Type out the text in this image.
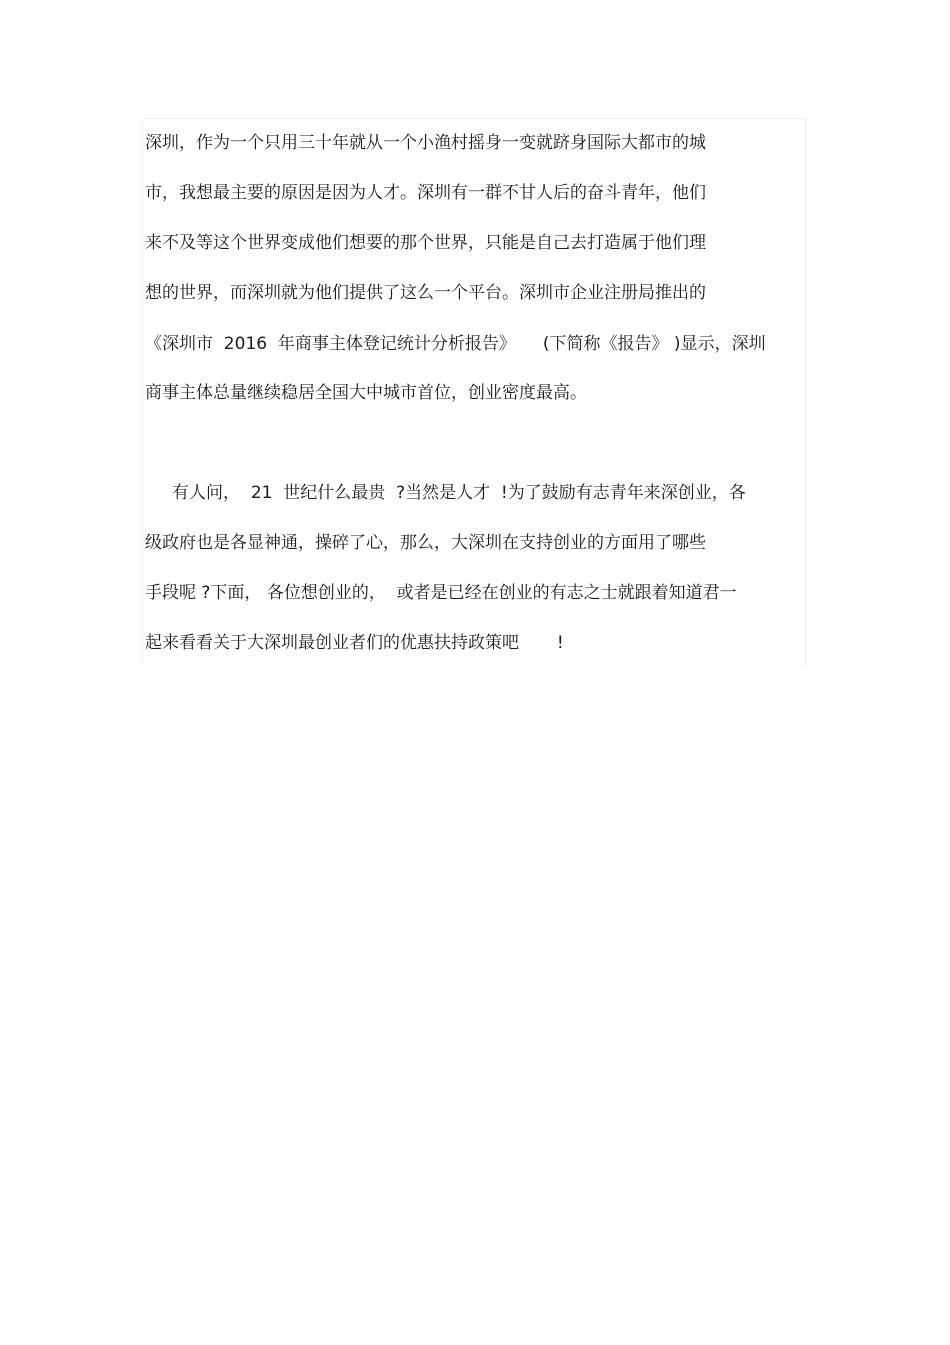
深圳，作为一个只用三十年就从一个小渔村摇身一变就跻身国际大都市的城
市，我想最主要的原因是因为人才。深圳有一群不甘人后的奋斗青年，他们
来不及等这个世界变成他们想要的那个世界，只能是自己去打造属于他们理
想的世界，而深圳就为他们提供了这么一个平台。深圳市企业注册局推出的
《深圳市  2016  年商事主体登记统计分析报告》     (下简称《报告》 )显示，深圳
商事主体总量继续稳居全国大中城市首位，创业密度最高。
有人问，  21  世纪什么最贵  ?当然是人才  !为了鼓励有志青年来深创业，各
级政府也是各显神通，操碎了心，那么，大深圳在支持创业的方面用了哪些
手段呢 ?下面， 各位想创业的，  或者是已经在创业的有志之士就跟着知道君一
起来看看关于大深圳最创业者们的优惠扶持政策吧       !
